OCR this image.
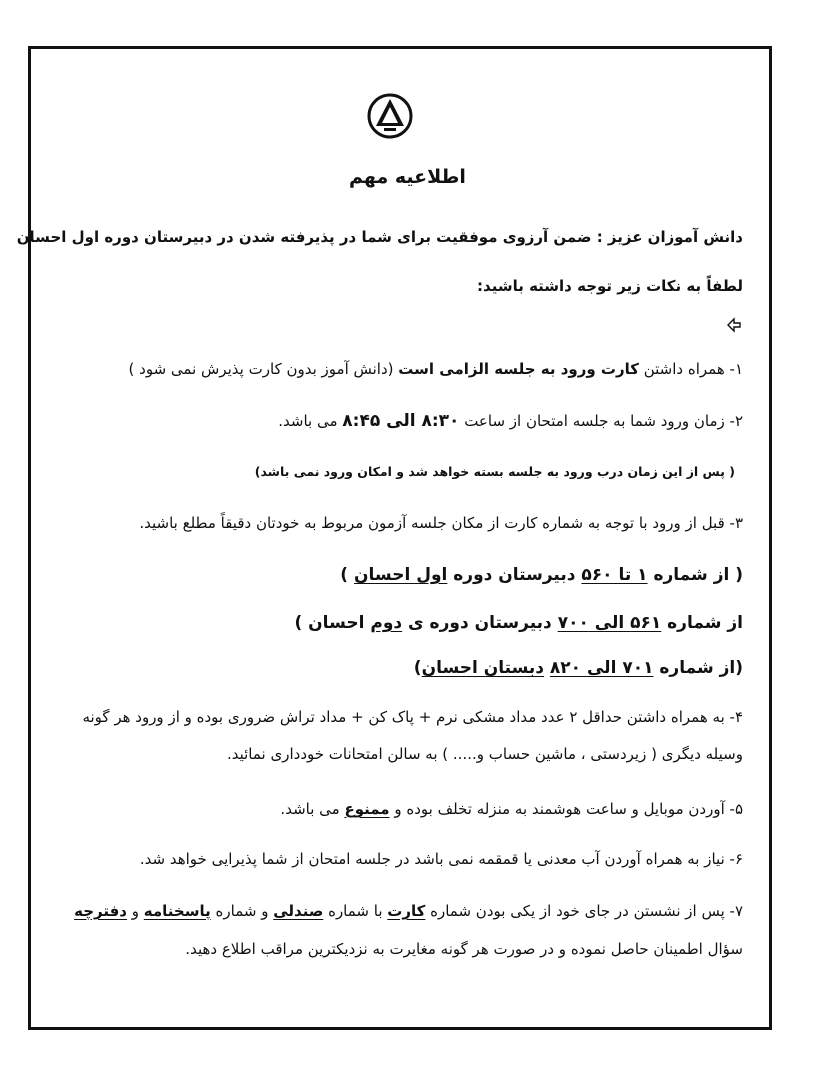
اطلاعیه مهم
دانش آموزان عزیز : ضمن آرزوی موفقیت برای شما در پذیرفته شدن در دبیرستان دوره اول احسان
لطفاً به نکات زیر توجه داشته باشید:
۱- همراه داشتن کارت ورود به جلسه الزامی است (دانش آموز بدون کارت پذیرش نمی شود )
۲- زمان ورود شما به جلسه امتحان از ساعت ۸:۳۰ الی ۸:۴۵ می باشد.
( پس از این زمان درب ورود به جلسه بسته خواهد شد و امکان ورود نمی باشد)
۳- قبل از ورود با توجه به شماره کارت از مکان جلسه آزمون مربوط به خودتان دقیقاً مطلع باشید.
( از شماره ۱ تا ۵۶۰ دبیرستان دوره اول احسان )
از شماره ۵۶۱ الی ۷۰۰ دبیرستان دوره ی دوم احسان )
(از شماره ۷۰۱ الی ۸۲۰ دبستان احسان)
۴- به همراه داشتن حداقل ۲ عدد مداد مشکی نرم + پاک کن + مداد تراش ضروری بوده و از ورود هر گونه
وسیله دیگری ( زیردستی ، ماشین حساب و..... ) به سالن امتحانات خودداری نمائید.
۵- آوردن موبایل و ساعت هوشمند به منزله تخلف بوده و ممنوع می باشد.
۶- نیاز به همراه آوردن آب معدنی یا قمقمه نمی باشد در جلسه امتحان از شما پذیرایی خواهد شد.
۷- پس از نشستن در جای خود از یکی بودن شماره کارت با شماره صندلی و شماره پاسخنامه و دفترچه
سؤال اطمینان حاصل نموده و در صورت هر گونه مغایرت به نزدیکترین مراقب اطلاع دهید.
